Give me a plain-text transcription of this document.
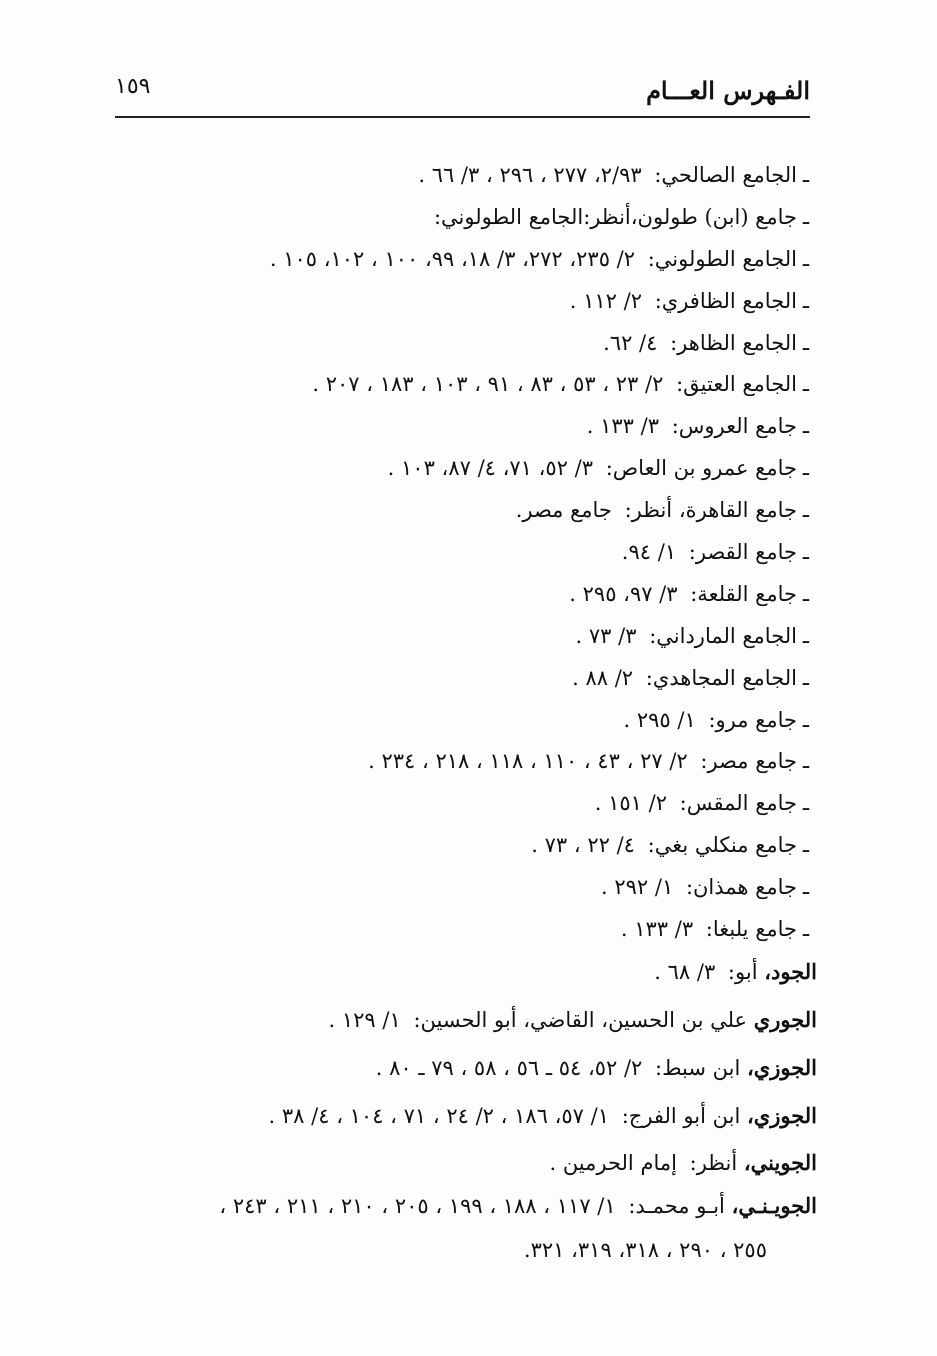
الفـهرس العـــام
١٥٩
ـالجامع الصالحي: ٢/٩٣، ٢٧٧ ، ٢٩٦ ، ٣/ ٦٦ .
ـجامع (ابن) طولون،أنظر:الجامع الطولوني:
ـالجامع الطولوني: ٢/ ٢٣٥، ٢٧٢، ٣/ ١٨، ٩٩، ١٠٠ ، ١٠٢، ١٠٥ .
ـالجامع الظافري: ٢/ ١١٢ .
ـالجامع الظاهر: ٤/ ٦٢.
ـالجامع العتيق: ٢/ ٢٣ ، ٥٣ ، ٨٣ ، ٩١ ، ١٠٣ ، ١٨٣ ، ٢٠٧ .
ـجامع العروس: ٣/ ١٣٣ .
ـجامع عمرو بن العاص: ٣/ ٥٢، ٧١، ٤/ ٨٧، ١٠٣ .
ـجامع القاهرة، أنظر: جامع مصر.
ـجامع القصر: ١/ ٩٤.
ـجامع القلعة: ٣/ ٩٧، ٢٩٥ .
ـالجامع المارداني: ٣/ ٧٣ .
ـالجامع المجاهدي: ٢/ ٨٨ .
ـجامع مرو: ١/ ٢٩٥ .
ـجامع مصر: ٢/ ٢٧ ، ٤٣ ، ١١٠ ، ١١٨ ، ٢١٨ ، ٢٣٤ .
ـجامع المقس: ٢/ ١٥١ .
ـجامع منكلي بغي: ٤/ ٢٢ ، ٧٣ .
ـجامع همذان: ١/ ٢٩٢ .
ـجامع يلبغا: ٣/ ١٣٣ .
الجود، أبو: ٣/ ٦٨ .
الجوري علي بن الحسين، القاضي، أبو الحسين: ١/ ١٢٩ .
الجوزي، ابن سبط: ٢/ ٥٢، ٥٤ ـ ٥٦ ، ٥٨ ، ٧٩ ـ ٨٠ .
الجوزي، ابن أبو الفرج: ١/ ٥٧، ١٨٦ ، ٢/ ٢٤ ، ٧١ ، ١٠٤ ، ٤/ ٣٨ .
الجويني، أنظر: إمام الحرمين .
الجويـنـي، أبـو محمـد: ١/ ١١٧ ، ١٨٨ ، ١٩٩ ، ٢٠٥ ، ٢١٠ ، ٢١١ ، ٢٤٣ ،
٢٥٥ ، ٢٩٠ ، ٣١٨، ٣١٩، ٣٢١.
